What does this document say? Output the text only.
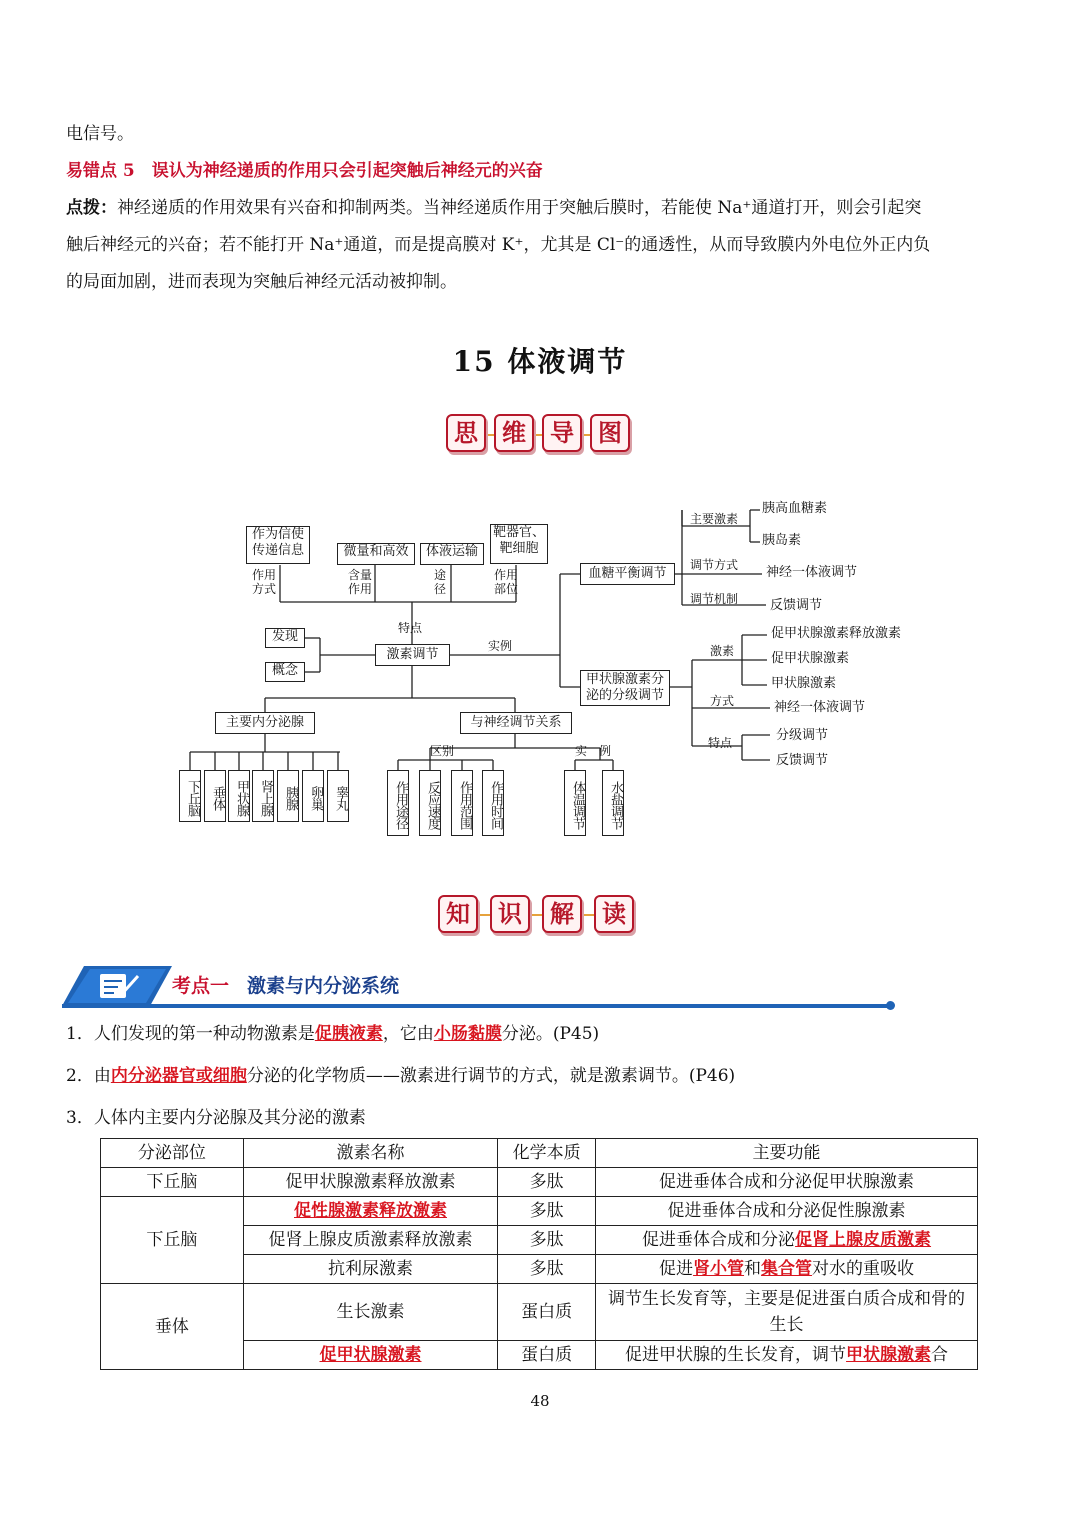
电信号。
易错点 5　误认为神经递质的作用只会引起突触后神经元的兴奋
点拨：神经递质的作用效果有兴奋和抑制两类。当神经递质作用于突触后膜时，若能使 Na⁺通道打开，则会引起突
触后神经元的兴奋；若不能打开 Na⁺通道，而是提高膜对 K⁺，尤其是 Cl⁻的通透性，从而导致膜内外电位外正内负
的局面加剧，进而表现为突触后神经元活动被抑制。
15 体液调节
思	维	导	图
作为信使传递信息	微量和高效	体液运输
靶器官、靶细胞
作用方式
含量作用
途径
作用部位
特点
发现
概念
激素调节
实例
血糖平衡调节
主要激素
胰高血糖素
胰岛素
调节方式 神经一体液调节
调节机制 反馈调节
甲状腺激素分泌的分级调节
激素
促甲状腺激素释放激素
促甲状腺激素
甲状腺激素
方式	神经一体液调节
特点	分级调节
反馈调节
主要内分泌腺
下丘脑 垂体 甲状腺 肾上腺 胰腺 卵巢 睾丸
与神经调节关系
区别	实　例
作用途径	反应速度	作用范围	作用时间	体温调节	水盐调节
知	识	解	读
考点一 激素与内分泌系统
1．人们发现的第一种动物激素是促胰液素，它由小肠黏膜分泌。(P45)
2．由内分泌器官或细胞分泌的化学物质——激素进行调节的方式，就是激素调节。(P46)
3．人体内主要内分泌腺及其分泌的激素
分泌部位	激素名称	化学本质	主要功能
下丘脑	促甲状腺激素释放激素	多肽	促进垂体合成和分泌促甲状腺激素
下丘脑	促性腺激素释放激素	多肽	促进垂体合成和分泌促性腺激素
	促肾上腺皮质激素释放激素	多肽	促进垂体合成和分泌促肾上腺皮质激素
	抗利尿激素	多肽	促进肾小管和集合管对水的重吸收
垂体	生长激素	蛋白质	调节生长发育等，主要是促进蛋白质合成和骨的生长
	促甲状腺激素	蛋白质	促进甲状腺的生长发育，调节甲状腺激素合
48
